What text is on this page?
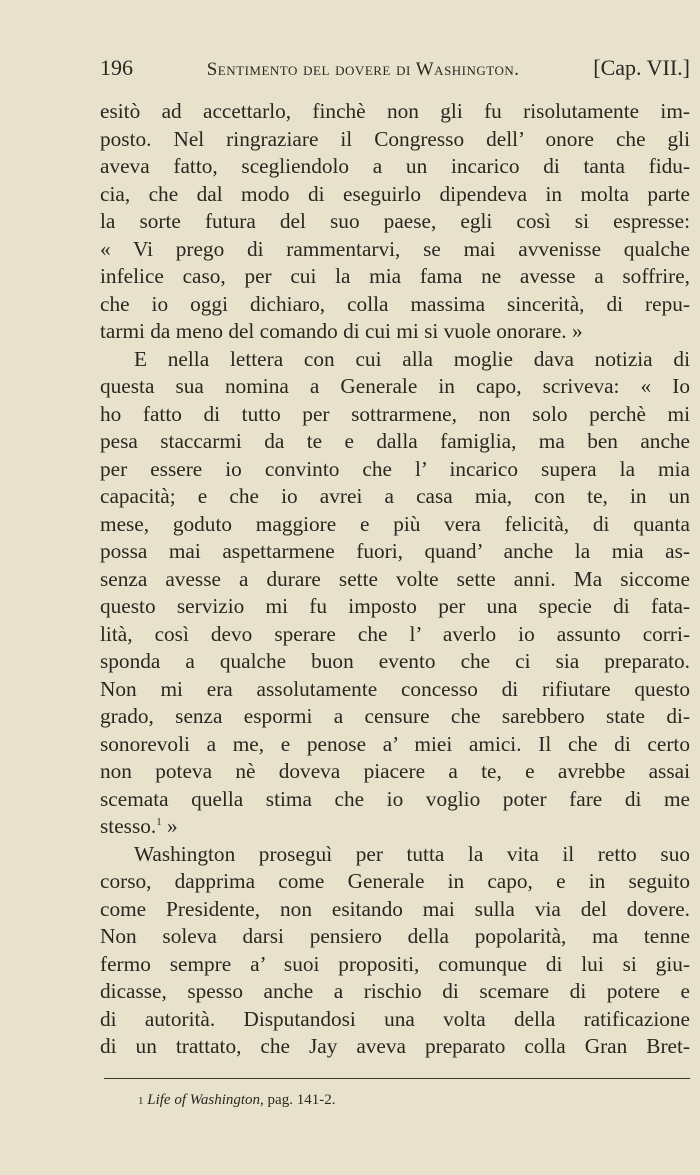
196	Sentimento del dovere di Washington.	[Cap. VII.]
esitò ad accettarlo, finchè non gli fu risolutamente im-
posto. Nel ringraziare il Congresso dell’ onore che gli
aveva fatto, scegliendolo a un incarico di tanta fidu-
cia, che dal modo di eseguirlo dipendeva in molta parte
la sorte futura del suo paese, egli così si espresse:
« Vi prego di rammentarvi, se mai avvenisse qualche
infelice caso, per cui la mia fama ne avesse a soffrire,
che io oggi dichiaro, colla massima sincerità, di repu-
tarmi da meno del comando di cui mi si vuole onorare. »
E nella lettera con cui alla moglie dava notizia di
questa sua nomina a Generale in capo, scriveva: « Io
ho fatto di tutto per sottrarmene, non solo perchè mi
pesa staccarmi da te e dalla famiglia, ma ben anche
per essere io convinto che l’ incarico supera la mia
capacità; e che io avrei a casa mia, con te, in un
mese, goduto maggiore e più vera felicità, di quanta
possa mai aspettarmene fuori, quand’ anche la mia as-
senza avesse a durare sette volte sette anni. Ma siccome
questo servizio mi fu imposto per una specie di fata-
lità, così devo sperare che l’ averlo io assunto corri-
sponda a qualche buon evento che ci sia preparato.
Non mi era assolutamente concesso di rifiutare questo
grado, senza espormi a censure che sarebbero state di-
sonorevoli a me, e penose a’ miei amici. Il che di certo
non poteva nè doveva piacere a te, e avrebbe assai
scemata quella stima che io voglio poter fare di me
stesso.$^1$ »
Washington proseguì per tutta la vita il retto suo
corso, dapprima come Generale in capo, e in seguito
come Presidente, non esitando mai sulla via del dovere.
Non soleva darsi pensiero della popolarità, ma tenne
fermo sempre a’ suoi propositi, comunque di lui si giu-
dicasse, spesso anche a rischio di scemare di potere e
di autorità. Disputandosi una volta della ratificazione
di un trattato, che Jay aveva preparato colla Gran Bret-
$^1$ Life of Washington, pag. 141-2.
